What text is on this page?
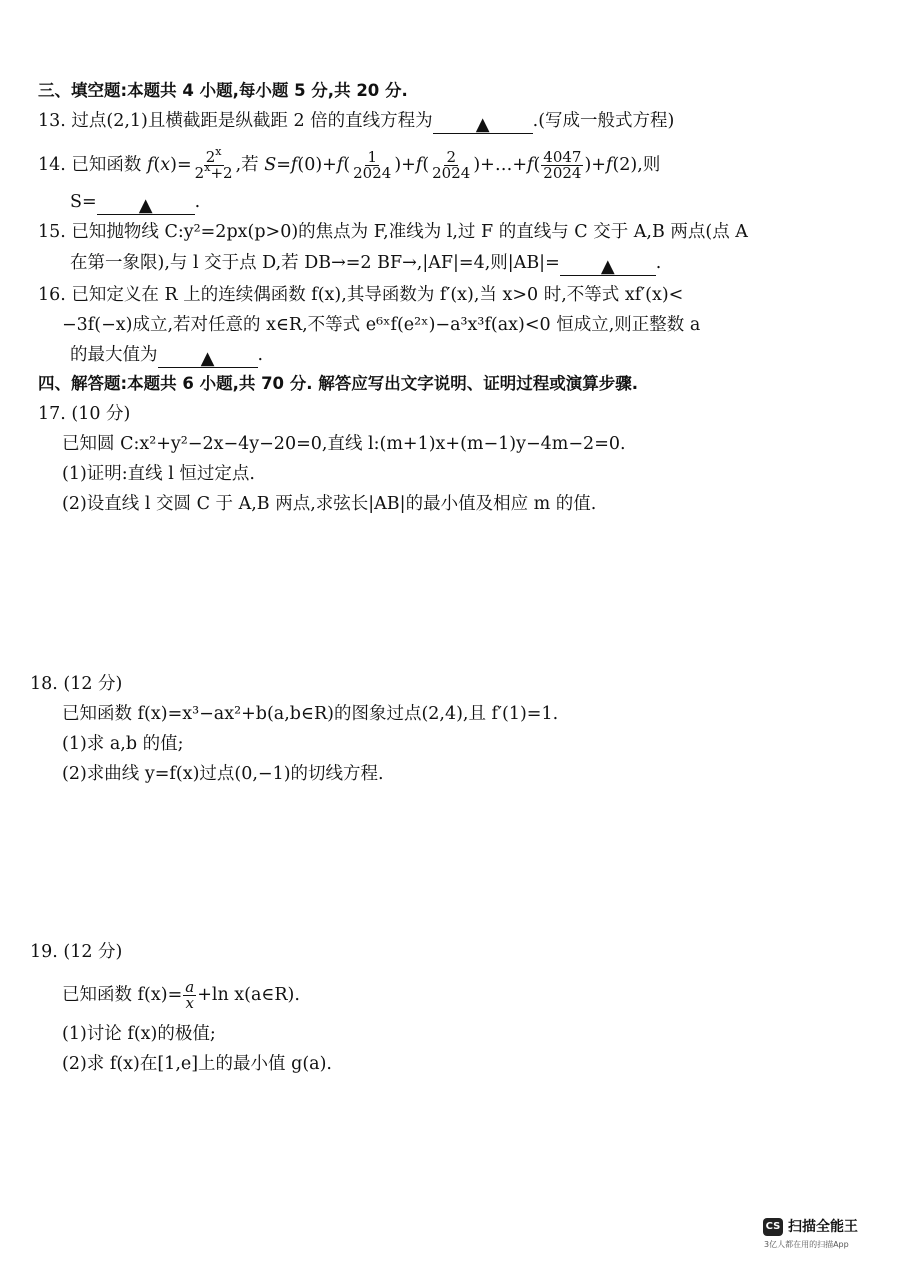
三、填空题:本题共 4 小题,每小题 5 分,共 20 分.
13. 过点(2,1)且横截距是纵截距 2 倍的直线方程为 ▲ .(写成一般式方程)
14. 已知函数 $f(x)= \frac{2^x}{2^x+2}$ ,若 $S=f(0)+f( \frac{1}{2024} )+f( \frac{2}{2024}$ )+…+f( $\frac{4047}{2024} )+f(2)$,则
S= ▲ .
15. 已知抛物线 C:y²=2px(p>0)的焦点为 F,准线为 l,过 F 的直线与 C 交于 A,B 两点(点 A
在第一象限),与 l 交于点 D,若 DB→=2 BF→,|AF|=4,则|AB|= ▲ .
16. 已知定义在 R 上的连续偶函数 f(x),其导函数为 f′(x),当 x>0 时,不等式 xf′(x)<
−3f(−x)成立,若对任意的 x∈R,不等式 e⁶ˣf(e²ˣ)−a³x³f(ax)<0 恒成立,则正整数 a
的最大值为 ▲ .
四、解答题:本题共 6 小题,共 70 分. 解答应写出文字说明、证明过程或演算步骤.
17. (10 分)
已知圆 C:x²+y²−2x−4y−20=0,直线 l:(m+1)x+(m−1)y−4m−2=0.
(1)证明:直线 l 恒过定点.
(2)设直线 l 交圆 C 于 A,B 两点,求弦长|AB|的最小值及相应 m 的值.
18. (12 分)
已知函数 f(x)=x³−ax²+b(a,b∈R)的图象过点(2,4),且 f′(1)=1.
(1)求 a,b 的值;
(2)求曲线 y=f(x)过点(0,−1)的切线方程.
19. (12 分)
已知函数 $f(x)= \frac{a}{x} +\ln$ x(a∈R).
(1)讨论 f(x)的极值;
(2)求 f(x)在[1,e]上的最小值 g(a).
CS 扫描全能王
3亿人都在用的扫描App
